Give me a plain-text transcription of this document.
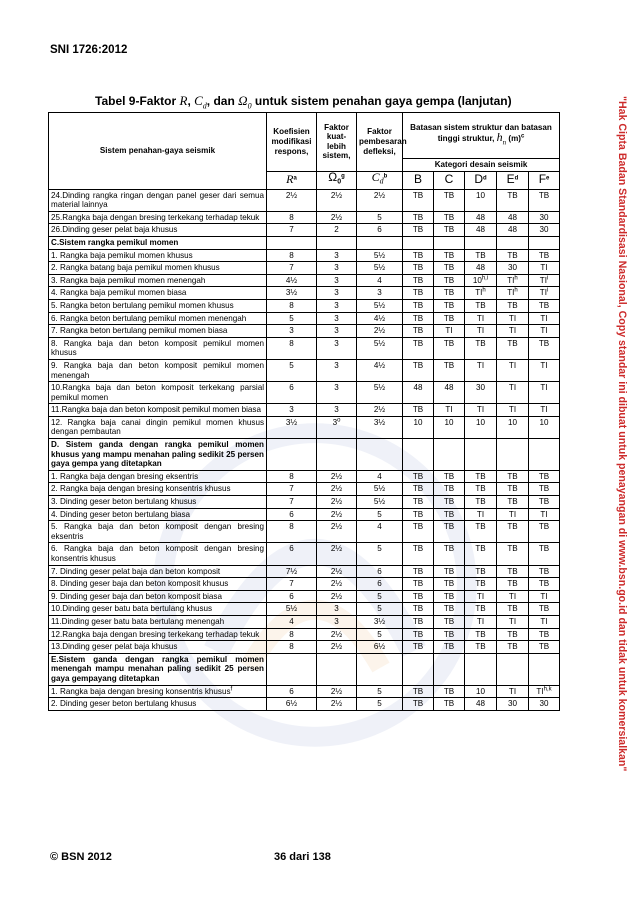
SNI 1726:2012
Tabel 9-Faktor R, $C_d$, dan $\Omega_0$ untuk sistem penahan gaya gempa (lanjutan)
Sistem penahan-gaya seismik	Koefisien modifikasi respons,	Faktor kuat-lebih sistem,	Faktor pembesaran defleksi,	Batasan sistem struktur dan batasan tinggi struktur, $h_n$ $(m)^c$
				Kategori desain seismik				
	$R^a$	$\Omega_0^g$	$C_d^b$	B	C	$D^d$	$E^d$	$F^e$
24.Dinding rangka ringan dengan panel geser dari semua material lainnya	2½	2½	2½	TB	TB	10	TB	TB
25.Rangka baja dengan bresing terkekang terhadap tekuk	8	2½	5	TB	TB	48	48	30
26.Dinding geser pelat baja khusus	7	2	6	TB	TB	48	48	30
C.Sistem rangka pemikul momen								
1. Rangka baja pemikul momen khusus	8	3	5½	TB	TB	TB	TB	TB
2. Rangka batang baja pemikul momen khusus	7	3	5½	TB	TB	48	30	TI
3. Rangka baja pemikul momen menengah	4½	3	4	TB	TB	10$^{h,i}$	$TI^h$	$TI^i$
4. Rangka baja pemikul momen biasa	3½	3	3	TB	TB	$TI^h$	$TI^h$	$TI^i$
5. Rangka beton bertulang pemikul momen khusus	8	3	5½	TB	TB	TB	TB	TB
6. Rangka beton bertulang pemikul momen menengah	5	3	4½	TB	TB	TI	TI	TI
7. Rangka beton bertulang pemikul momen biasa	3	3	2½	TB	TI	TI	TI	TI
8. Rangka baja dan beton komposit pemikul momen khusus	8	3	5½	TB	TB	TB	TB	TB
9. Rangka baja dan beton komposit pemikul momen menengah	5	3	4½	TB	TB	TI	TI	TI
10.Rangka baja dan beton komposit terkekang parsial pemikul momen	6	3	5½	48	48	30	TI	TI
11.Rangka baja dan beton komposit pemikul momen biasa	3	3	2½	TB	TI	TI	TI	TI
12. Rangka baja canai dingin pemikul momen khusus dengan pembautan	3½	3$^o$	3½	10	10	10	10	10
D. Sistem ganda dengan rangka pemikul momen khusus yang mampu menahan paling sedikit 25 persen gaya gempa yang ditetapkan								
1. Rangka baja dengan bresing eksentris	8	2½	4	TB	TB	TB	TB	TB
2. Rangka baja dengan bresing konsentris khusus	7	2½	5½	TB	TB	TB	TB	TB
3. Dinding geser beton bertulang khusus	7	2½	5½	TB	TB	TB	TB	TB
4. Dinding geser beton bertulang biasa	6	2½	5	TB	TB	TI	TI	TI
5. Rangka baja dan beton komposit dengan bresing eksentris	8	2½	4	TB	TB	TB	TB	TB
6. Rangka baja dan beton komposit dengan bresing konsentris khusus	6	2½	5	TB	TB	TB	TB	TB
7. Dinding geser pelat baja dan beton komposit	7½	2½	6	TB	TB	TB	TB	TB
8. Dinding geser baja dan beton komposit khusus	7	2½	6	TB	TB	TB	TB	TB
9. Dinding geser baja dan beton komposit biasa	6	2½	5	TB	TB	TI	TI	TI
10.Dinding geser batu bata bertulang khusus	5½	3	5	TB	TB	TB	TB	TB
11.Dinding geser batu bata bertulang menengah	4	3	3½	TB	TB	TI	TI	TI
12.Rangka baja dengan bresing terkekang terhadap tekuk	8	2½	5	TB	TB	TB	TB	TB
13.Dinding geser pelat baja khusus	8	2½	6½	TB	TB	TB	TB	TB
E.Sistem ganda dengan rangka pemikul momen menengah mampu menahan paling sedikit 25 persen gaya gempayang ditetapkan								
1. Rangka baja dengan bresing konsentris khusus$^f$	6	2½	5	TB	TB	10	TI	TI$^{h,k}$
2. Dinding geser beton bertulang khusus	6½	2½	5	TB	TB	48	30	30
© BSN 2012	36 dari 138
"Hak Cipta Badan Standardisasi Nasional, Copy standar ini dibuat untuk penayangan di www.bsn.go.id dan tidak untuk komersialkan"
